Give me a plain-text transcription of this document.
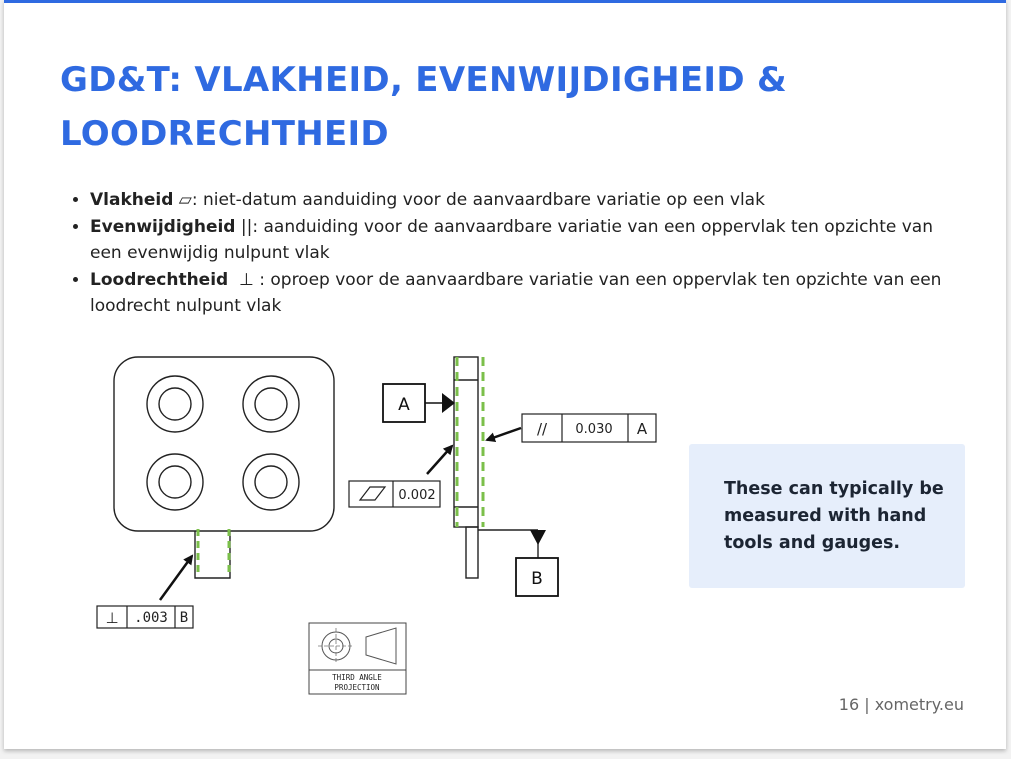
GD&T: VLAKHEID, EVENWIJDIGHEID & LOODRECHTHEID
• Vlakheid ▱: niet-datum aanduiding voor de aanvaardbare variatie op een vlak
• Evenwijdigheid ||: aanduiding voor de aanvaardbare variatie van een oppervlak ten opzichte van een evenwijdig nulpunt vlak
• Loodrechtheid ⊥ : oproep voor de aanvaardbare variatie van een oppervlak ten opzichte van een loodrecht nulpunt vlak
These can typically be measured with hand tools and gauges.
16 | xometry.eu
⊥ .003 B
A
B
0.002
// 0.030 A
THIRD ANGLE
PROJECTION
